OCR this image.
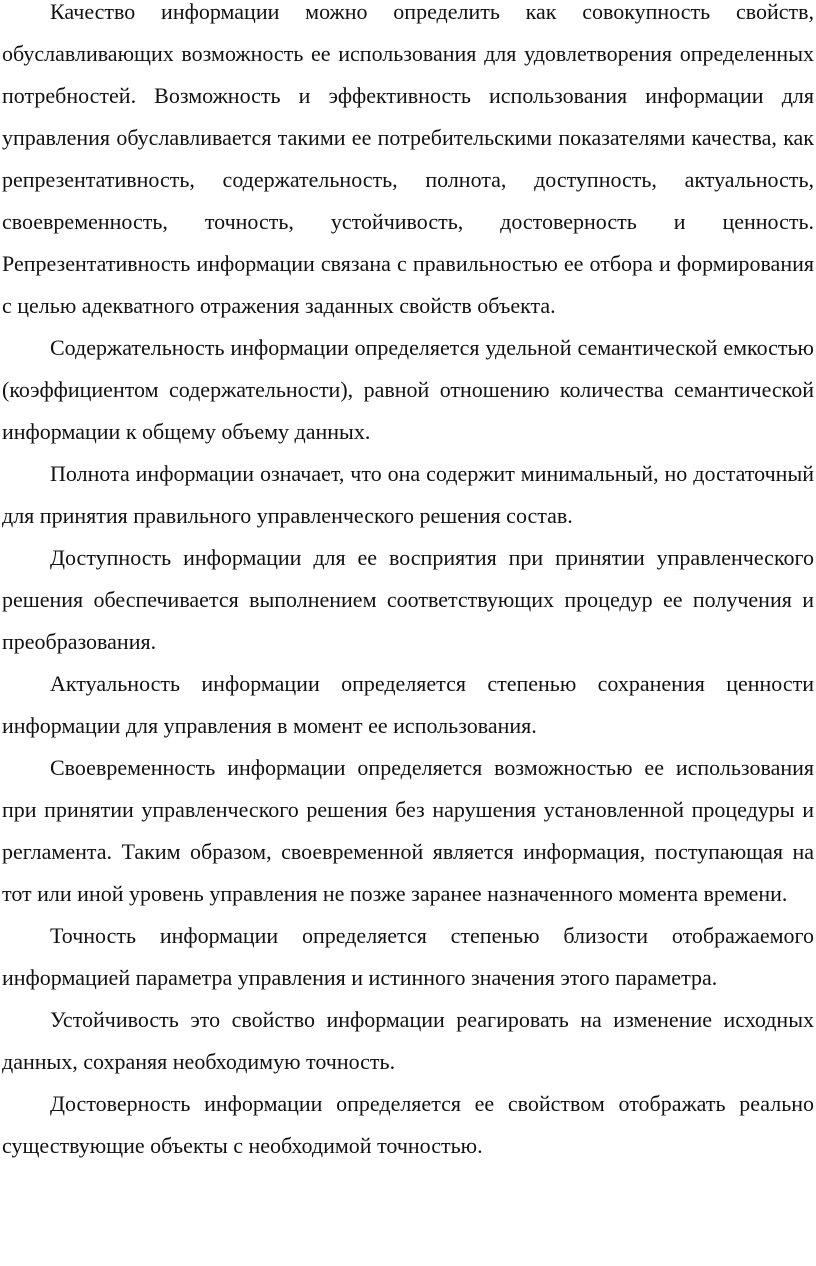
Качество информации можно определить как совокупность свойств, обуславливающих возможность ее использования для удовлетворения определенных потребностей. Возможность и эффективность использования информации для управления обуславливается такими ее потребительскими показателями качества, как репрезентативность, содержательность, полнота, доступность, актуальность, своевременность, точность, устойчивость, достоверность и ценность. Репрезентативность информации связана с правильностью ее отбора и формирования с целью адекватного отражения заданных свойств объекта.

Содержательность информации определяется удельной семантической емкостью (коэффициентом содержательности), равной отношению количества семантической информации к общему объему данных.

Полнота информации означает, что она содержит минимальный, но достаточный для принятия правильного управленческого решения состав.

Доступность информации для ее восприятия при принятии управленческого решения обеспечивается выполнением соответствующих процедур ее получения и преобразования.

Актуальность информации определяется степенью сохранения ценности информации для управления в момент ее использования.

Своевременность информации определяется возможностью ее использования при принятии управленческого решения без нарушения установленной процедуры и регламента. Таким образом, своевременной является информация, поступающая на тот или иной уровень управления не позже заранее назначенного момента времени.

Точность информации определяется степенью близости отображаемого информацией параметра управления и истинного значения этого параметра.

Устойчивость это свойство информации реагировать на изменение исходных данных, сохраняя необходимую точность.

Достоверность информации определяется ее свойством отображать реально существующие объекты с необходимой точностью.
